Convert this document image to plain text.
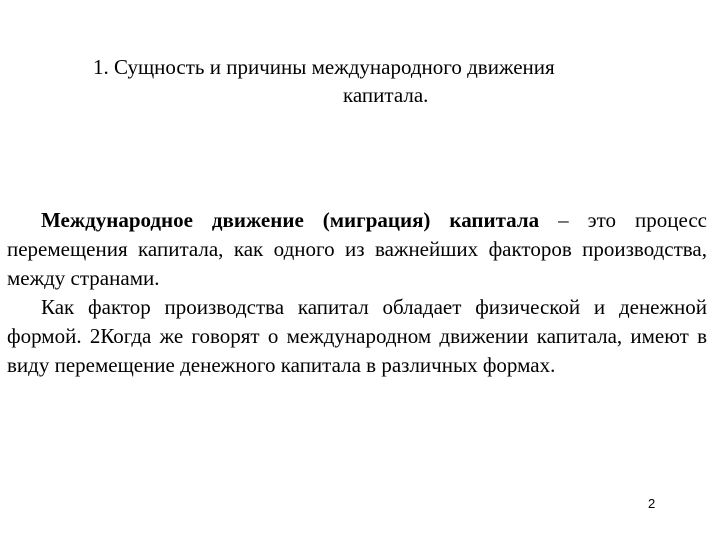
1. Сущность и причины международного движения
капитала.

Международное движение (миграция) капитала – это процесс перемещения капитала, как одного из важнейших факторов производства, между странами.

Как фактор производства капитал обладает физической и денежной формой. 2Когда же говорят о международном движении капитала, имеют в виду перемещение денежного капитала в различных формах.

2
